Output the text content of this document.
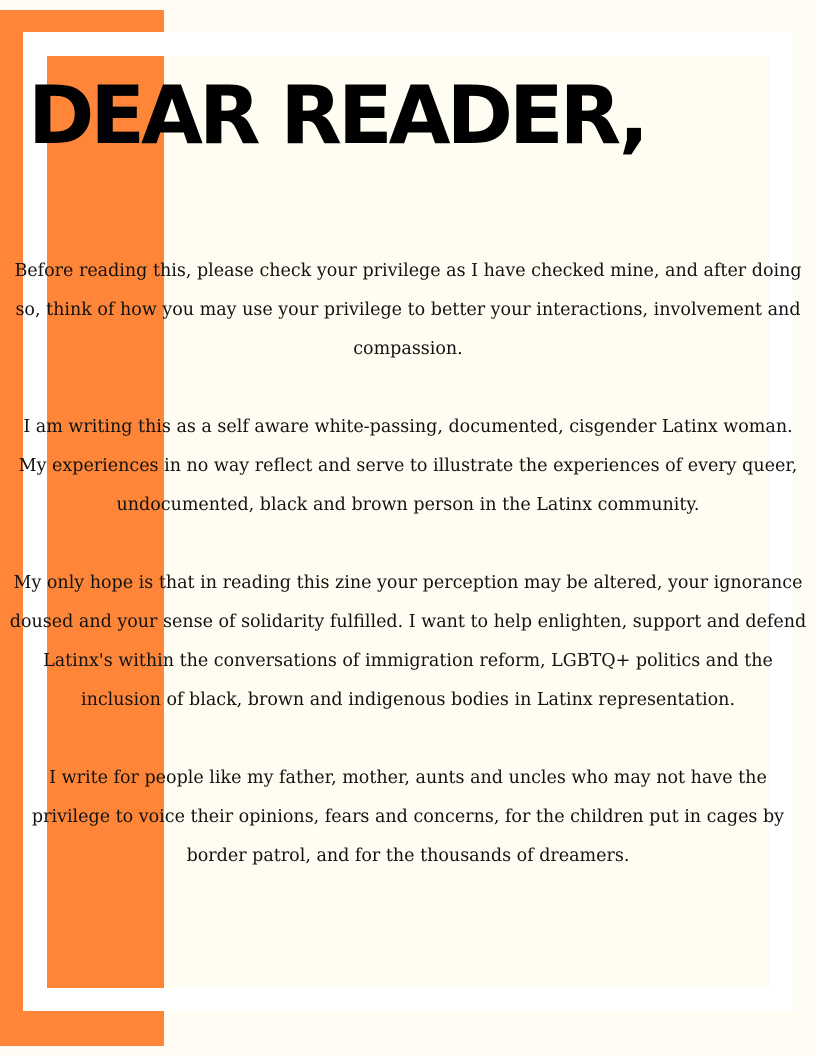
DEAR READER,

Before reading this, please check your privilege as I have checked mine, and after doing so, think of how you may use your privilege to better your interactions, involvement and compassion.

I am writing this as a self aware white-passing, documented, cisgender Latinx woman. My experiences in no way reflect and serve to illustrate the experiences of every queer, undocumented, black and brown person in the Latinx community.

My only hope is that in reading this zine your perception may be altered, your ignorance doused and your sense of solidarity fulfilled. I want to help enlighten, support and defend Latinx's within the conversations of immigration reform, LGBTQ+ politics and the inclusion of black, brown and indigenous bodies in Latinx representation.

I write for people like my father, mother, aunts and uncles who may not have the privilege to voice their opinions, fears and concerns, for the children put in cages by border patrol, and for the thousands of dreamers.
